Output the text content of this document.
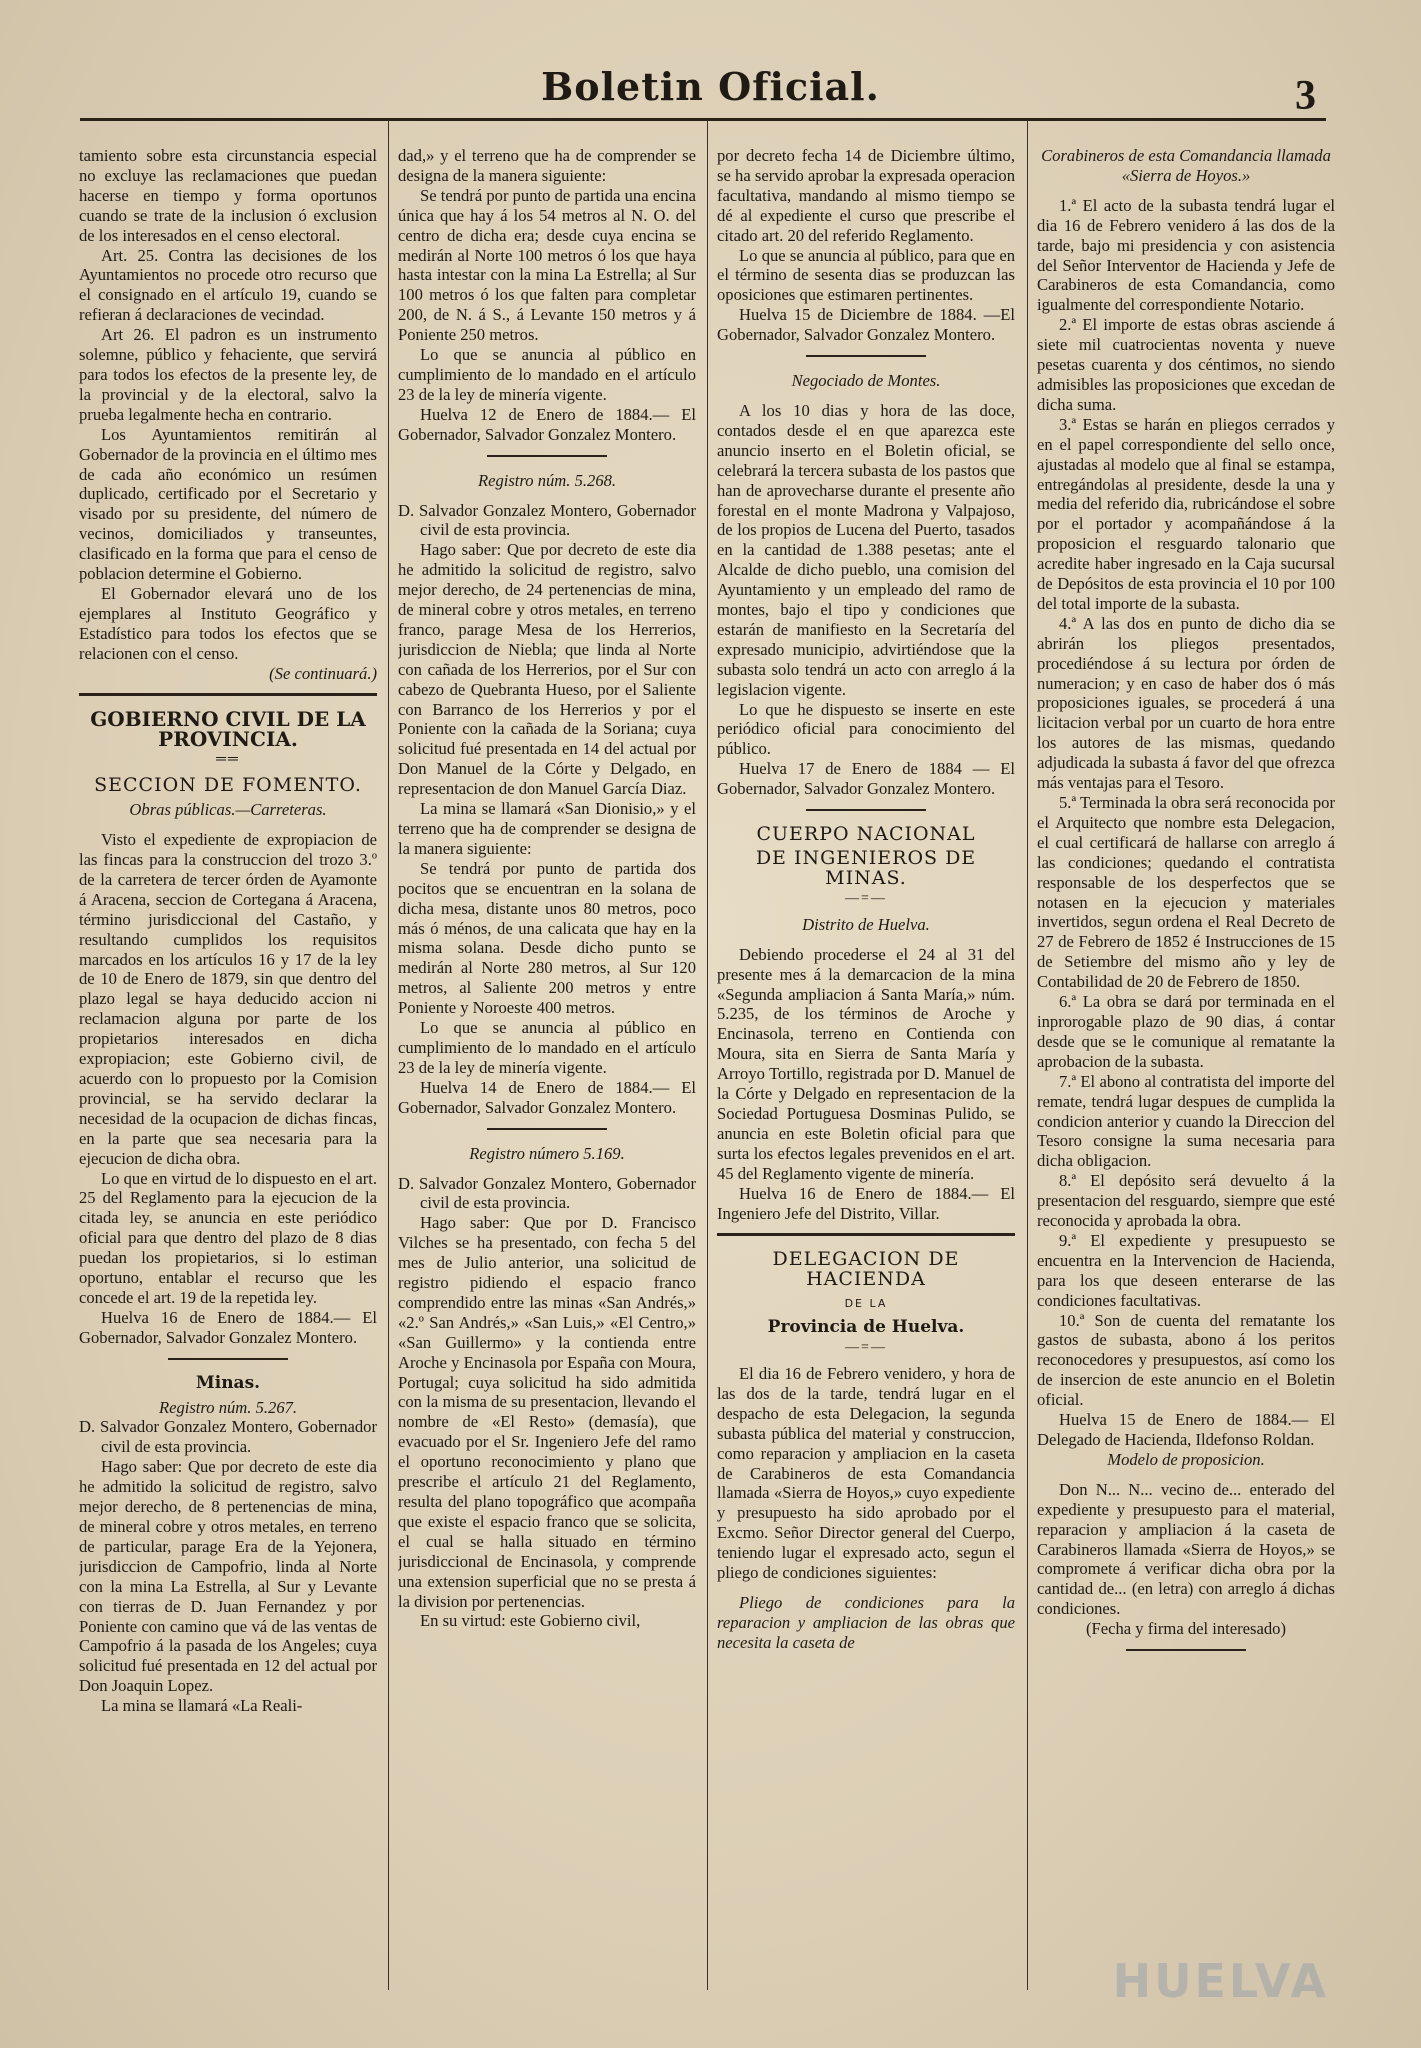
Boletin Oficial.	3

tamiento sobre esta circunstancia especial no excluye las reclamaciones que puedan hacerse en tiempo y forma oportunos cuando se trate de la inclusion ó exclusion de los interesados en el censo electoral.

Art. 25. Contra las decisiones de los Ayuntamientos no procede otro recurso que el consignado en el artículo 19, cuando se refieran á declaraciones de vecindad.

Art 26. El padron es un instrumento solemne, público y fehaciente, que servirá para todos los efectos de la presente ley, de la provincial y de la electoral, salvo la prueba legalmente hecha en contrario.

Los Ayuntamientos remitirán al Gobernador de la provincia en el último mes de cada año económico un resúmen duplicado, certificado por el Secretario y visado por su presidente, del número de vecinos, domiciliados y transeuntes, clasificado en la forma que para el censo de poblacion determine el Gobierno.

El Gobernador elevará uno de los ejemplares al Instituto Geográfico y Estadístico para todos los efectos que se relacionen con el censo.

(Se continuará.)

GOBIERNO CIVIL DE LA PROVINCIA.
══
SECCION DE FOMENTO.

Obras públicas.—Carreteras.

Visto el expediente de expropiacion de las fincas para la construccion del trozo 3.º de la carretera de tercer órden de Ayamonte á Aracena, seccion de Cortegana á Aracena, término jurisdiccional del Castaño, y resultando cumplidos los requisitos marcados en los artículos 16 y 17 de la ley de 10 de Enero de 1879, sin que dentro del plazo legal se haya deducido accion ni reclamacion alguna por parte de los propietarios interesados en dicha expropiacion; este Gobierno civil, de acuerdo con lo propuesto por la Comision provincial, se ha servido declarar la necesidad de la ocupacion de dichas fincas, en la parte que sea necesaria para la ejecucion de dicha obra.

Lo que en virtud de lo dispuesto en el art. 25 del Reglamento para la ejecucion de la citada ley, se anuncia en este periódico oficial para que dentro del plazo de 8 dias puedan los propietarios, si lo estiman oportuno, entablar el recurso que les concede el art. 19 de la repetida ley.

Huelva 16 de Enero de 1884.— El Gobernador, Salvador Gonzalez Montero.

Minas.

Registro núm. 5.267.

D. Salvador Gonzalez Montero, Gobernador civil de esta provincia.

Hago saber: Que por decreto de este dia he admitido la solicitud de registro, salvo mejor derecho, de 8 pertenencias de mina, de mineral cobre y otros metales, en terreno de particular, parage Era de la Yejonera, jurisdiccion de Campofrio, linda al Norte con la mina La Estrella, al Sur y Levante con tierras de D. Juan Fernandez y por Poniente con camino que vá de las ventas de Campofrio á la pasada de los Angeles; cuya solicitud fué presentada en 12 del actual por Don Joaquin Lopez.

La mina se llamará «La Reali-

dad,» y el terreno que ha de comprender se designa de la manera siguiente:

Se tendrá por punto de partida una encina única que hay á los 54 metros al N. O. del centro de dicha era; desde cuya encina se medirán al Norte 100 metros ó los que haya hasta intestar con la mina La Estrella; al Sur 100 metros ó los que falten para completar 200, de N. á S., á Levante 150 metros y á Poniente 250 metros.

Lo que se anuncia al público en cumplimiento de lo mandado en el artículo 23 de la ley de minería vigente.

Huelva 12 de Enero de 1884.— El Gobernador, Salvador Gonzalez Montero.

Registro núm. 5.268.

D. Salvador Gonzalez Montero, Gobernador civil de esta provincia.

Hago saber: Que por decreto de este dia he admitido la solicitud de registro, salvo mejor derecho, de 24 pertenencias de mina, de mineral cobre y otros metales, en terreno franco, parage Mesa de los Herrerios, jurisdiccion de Niebla; que linda al Norte con cañada de los Herrerios, por el Sur con cabezo de Quebranta Hueso, por el Saliente con Barranco de los Herrerios y por el Poniente con la cañada de la Soriana; cuya solicitud fué presentada en 14 del actual por Don Manuel de la Córte y Delgado, en representacion de don Manuel García Diaz.

La mina se llamará «San Dionisio,» y el terreno que ha de comprender se designa de la manera siguiente:

Se tendrá por punto de partida dos pocitos que se encuentran en la solana de dicha mesa, distante unos 80 metros, poco más ó ménos, de una calicata que hay en la misma solana. Desde dicho punto se medirán al Norte 280 metros, al Sur 120 metros, al Saliente 200 metros y entre Poniente y Noroeste 400 metros.

Lo que se anuncia al público en cumplimiento de lo mandado en el artículo 23 de la ley de minería vigente.

Huelva 14 de Enero de 1884.— El Gobernador, Salvador Gonzalez Montero.

Registro número 5.169.

D. Salvador Gonzalez Montero, Gobernador civil de esta provincia.

Hago saber: Que por D. Francisco Vilches se ha presentado, con fecha 5 del mes de Julio anterior, una solicitud de registro pidiendo el espacio franco comprendido entre las minas «San Andrés,» «2.º San Andrés,» «San Luis,» «El Centro,» «San Guillermo» y la contienda entre Aroche y Encinasola por España con Moura, Portugal; cuya solicitud ha sido admitida con la misma de su presentacion, llevando el nombre de «El Resto» (demasía), que evacuado por el Sr. Ingeniero Jefe del ramo el oportuno reconocimiento y plano que prescribe el artículo 21 del Reglamento, resulta del plano topográfico que acompaña que existe el espacio franco que se solicita, el cual se halla situado en término jurisdiccional de Encinasola, y comprende una extension superficial que no se presta á la division por pertenencias.

En su virtud: este Gobierno civil,

por decreto fecha 14 de Diciembre último, se ha servido aprobar la expresada operacion facultativa, mandando al mismo tiempo se dé al expediente el curso que prescribe el citado art. 20 del referido Reglamento.

Lo que se anuncia al público, para que en el término de sesenta dias se produzcan las oposiciones que estimaren pertinentes.

Huelva 15 de Diciembre de 1884. —El Gobernador, Salvador Gonzalez Montero.

Negociado de Montes.

A los 10 dias y hora de las doce, contados desde el en que aparezca este anuncio inserto en el Boletin oficial, se celebrará la tercera subasta de los pastos que han de aprovecharse durante el presente año forestal en el monte Madrona y Valpajoso, de los propios de Lucena del Puerto, tasados en la cantidad de 1.388 pesetas; ante el Alcalde de dicho pueblo, una comision del Ayuntamiento y un empleado del ramo de montes, bajo el tipo y condiciones que estarán de manifiesto en la Secretaría del expresado municipio, advirtiéndose que la subasta solo tendrá un acto con arreglo á la legislacion vigente.

Lo que he dispuesto se inserte en este periódico oficial para conocimiento del público.

Huelva 17 de Enero de 1884 — El Gobernador, Salvador Gonzalez Montero.

CUERPO NACIONAL
DE INGENIEROS DE MINAS.
—=—

Distrito de Huelva.

Debiendo procederse el 24 al 31 del presente mes á la demarcacion de la mina «Segunda ampliacion á Santa María,» núm. 5.235, de los términos de Aroche y Encinasola, terreno en Contienda con Moura, sita en Sierra de Santa María y Arroyo Tortillo, registrada por D. Manuel de la Córte y Delgado en representacion de la Sociedad Portuguesa Dosminas Pulido, se anuncia en este Boletin oficial para que surta los efectos legales prevenidos en el art. 45 del Reglamento vigente de minería.

Huelva 16 de Enero de 1884.— El Ingeniero Jefe del Distrito, Villar.

DELEGACION DE HACIENDA
DE LA
Provincia de Huelva.
—=—

El dia 16 de Febrero venidero, y hora de las dos de la tarde, tendrá lugar en el despacho de esta Delegacion, la segunda subasta pública del material y construccion, como reparacion y ampliacion en la caseta de Carabineros de esta Comandancia llamada «Sierra de Hoyos,» cuyo expediente y presupuesto ha sido aprobado por el Excmo. Señor Director general del Cuerpo, teniendo lugar el expresado acto, segun el pliego de condiciones siguientes:

Pliego de condiciones para la reparacion y ampliacion de las obras que necesita la caseta de

Corabineros de esta Comandancia llamada «Sierra de Hoyos.»

1.ª El acto de la subasta tendrá lugar el dia 16 de Febrero venidero á las dos de la tarde, bajo mi presidencia y con asistencia del Señor Interventor de Hacienda y Jefe de Carabineros de esta Comandancia, como igualmente del correspondiente Notario.

2.ª El importe de estas obras asciende á siete mil cuatrocientas noventa y nueve pesetas cuarenta y dos céntimos, no siendo admisibles las proposiciones que excedan de dicha suma.

3.ª Estas se harán en pliegos cerrados y en el papel correspondiente del sello once, ajustadas al modelo que al final se estampa, entregándolas al presidente, desde la una y media del referido dia, rubricándose el sobre por el portador y acompañándose á la proposicion el resguardo talonario que acredite haber ingresado en la Caja sucursal de Depósitos de esta provincia el 10 por 100 del total importe de la subasta.

4.ª A las dos en punto de dicho dia se abrirán los pliegos presentados, procediéndose á su lectura por órden de numeracion; y en caso de haber dos ó más proposiciones iguales, se procederá á una licitacion verbal por un cuarto de hora entre los autores de las mismas, quedando adjudicada la subasta á favor del que ofrezca más ventajas para el Tesoro.

5.ª Terminada la obra será reconocida por el Arquitecto que nombre esta Delegacion, el cual certificará de hallarse con arreglo á las condiciones; quedando el contratista responsable de los desperfectos que se notasen en la ejecucion y materiales invertidos, segun ordena el Real Decreto de 27 de Febrero de 1852 é Instrucciones de 15 de Setiembre del mismo año y ley de Contabilidad de 20 de Febrero de 1850.

6.ª La obra se dará por terminada en el inprorogable plazo de 90 dias, á contar desde que se le comunique al rematante la aprobacion de la subasta.

7.ª El abono al contratista del importe del remate, tendrá lugar despues de cumplida la condicion anterior y cuando la Direccion del Tesoro consigne la suma necesaria para dicha obligacion.

8.ª El depósito será devuelto á la presentacion del resguardo, siempre que esté reconocida y aprobada la obra.

9.ª El expediente y presupuesto se encuentra en la Intervencion de Hacienda, para los que deseen enterarse de las condiciones facultativas.

10.ª Son de cuenta del rematante los gastos de subasta, abono á los peritos reconocedores y presupuestos, así como los de insercion de este anuncio en el Boletin oficial.

Huelva 15 de Enero de 1884.— El Delegado de Hacienda, Ildefonso Roldan.

Modelo de proposicion.

Don N... N... vecino de... enterado del expediente y presupuesto para el material, reparacion y ampliacion á la caseta de Carabineros llamada «Sierra de Hoyos,» se compromete á verificar dicha obra por la cantidad de... (en letra) con arreglo á dichas condiciones.

(Fecha y firma del interesado)

HUELVA
